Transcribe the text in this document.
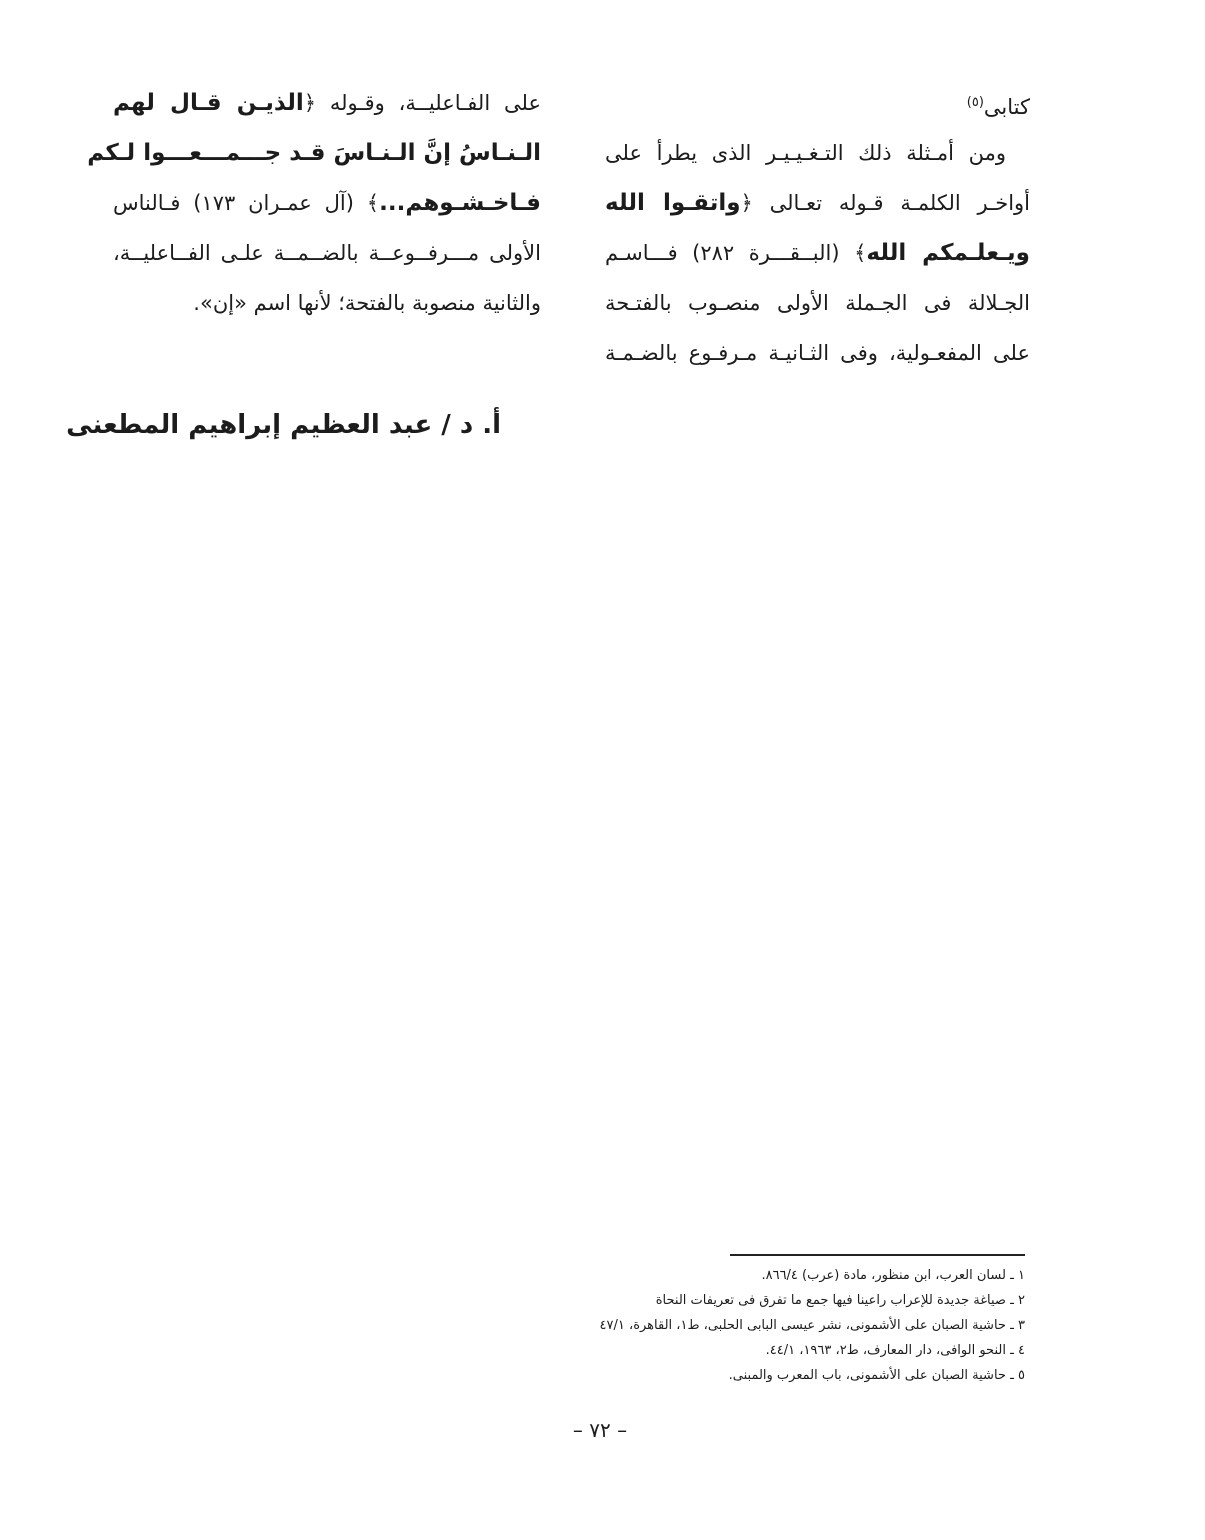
كتابى$^{(٥)}$
ومن أمـثلة ذلك التـغـيـيـر الذى يطرأ على
أواخـر الكلمـة قـوله تعـالى ﴿واتقـوا الله
ويـعلـمكم الله﴾ (البــقـــرة ٢٨٢) فـــاسـم
الجـلالة فى الجـملة الأولى منصـوب بالفتـحة
على المفعـولية، وفى الثـانيـة مـرفـوع بالضـمـة
على الفـاعليــة، وقـوله ﴿الذيـن قـال لهم
الـنـاسُ إنَّ الـنـاسَ قـد جـــمـــعـــوا لـكم
فـاخـشـوهم...﴾ (آل عمـران ١٧٣) فـالناس
الأولى مـــرفــوعــة بالضــمــة علـى الفــاعليــة،
والثانية منصوبة بالفتحة؛ لأنها اسم «إن».
أ. د / عبد العظيم إبراهيم المطعنى
١ ـ لسان العرب، ابن منظور، مادة (عرب) ٨٦٦/٤.
٢ ـ صياغة جديدة للإعراب راعينا فيها جمع ما تفرق فى تعريفات النحاة
٣ ـ حاشية الصبان على الأشمونى، نشر عيسى البابى الحلبى، ط١، القاهرة، ٤٧/١
٤ ـ النحو الوافى، دار المعارف، ط٢، ١٩٦٣، ٤٤/١.
٥ ـ حاشية الصبان على الأشمونى، باب المعرب والمبنى.
– ٧٢ –
